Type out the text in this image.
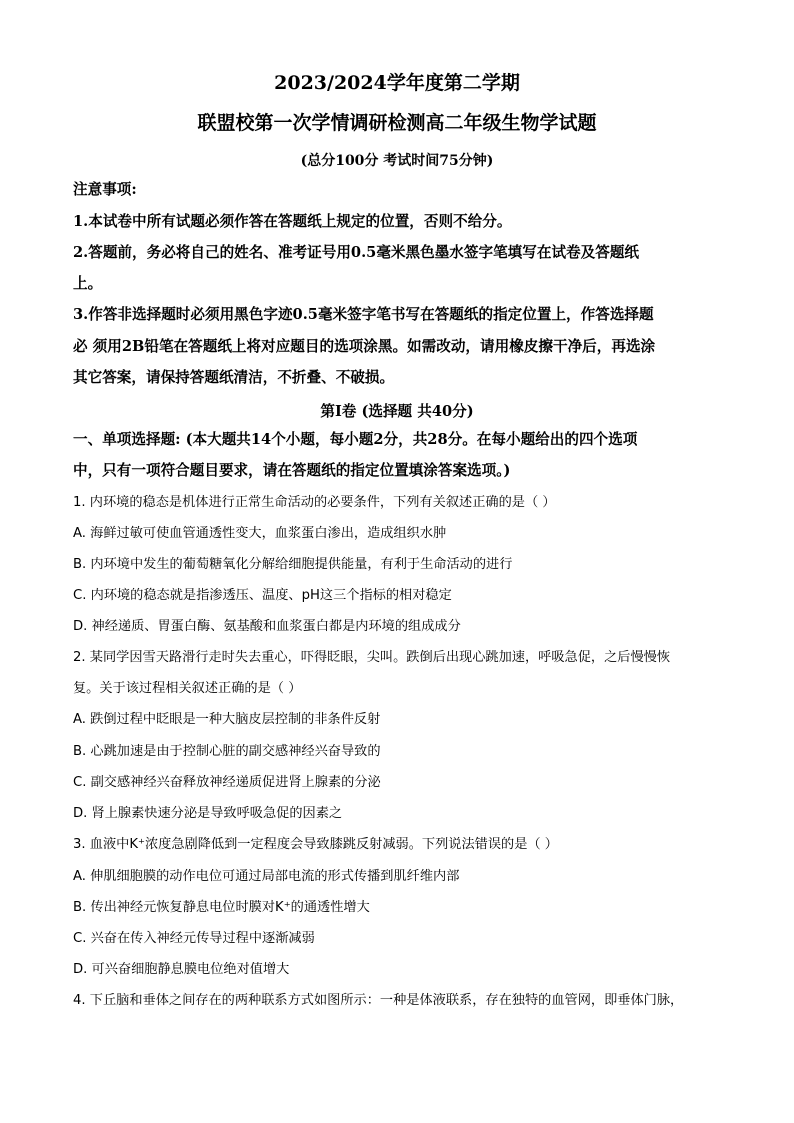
2023/2024学年度第二学期
联盟校第一次学情调研检测高二年级生物学试题
(总分100分 考试时间75分钟)
注意事项:
1.本试卷中所有试题必须作答在答题纸上规定的位置，否则不给分。
2.答题前，务必将自己的姓名、准考证号用0.5毫米黑色墨水签字笔填写在试卷及答题纸
上。
3.作答非选择题时必须用黑色字迹0.5毫米签字笔书写在答题纸的指定位置上，作答选择题
必 须用2B铅笔在答题纸上将对应题目的选项涂黑。如需改动，请用橡皮擦干净后，再选涂
其它答案，请保持答题纸清洁，不折叠、不破损。
第Ⅰ卷 (选择题 共40分)
一、单项选择题: (本大题共14个小题，每小题2分，共28分。在每小题给出的四个选项
中，只有一项符合题目要求，请在答题纸的指定位置填涂答案选项。)
1. 内环境的稳态是机体进行正常生命活动的必要条件，下列有关叙述正确的是（ ）
A. 海鲜过敏可使血管通透性变大，血浆蛋白渗出，造成组织水肿
B. 内环境中发生的葡萄糖氧化分解给细胞提供能量，有利于生命活动的进行
C. 内环境的稳态就是指渗透压、温度、pH这三个指标的相对稳定
D. 神经递质、胃蛋白酶、氨基酸和血浆蛋白都是内环境的组成成分
2. 某同学因雪天路滑行走时失去重心，吓得眨眼，尖叫。跌倒后出现心跳加速，呼吸急促，之后慢慢恢
复。关于该过程相关叙述正确的是（ ）
A. 跌倒过程中眨眼是一种大脑皮层控制的非条件反射
B. 心跳加速是由于控制心脏的副交感神经兴奋导致的
C. 副交感神经兴奋释放神经递质促进肾上腺素的分泌
D. 肾上腺素快速分泌是导致呼吸急促的因素之
3. 血液中K⁺浓度急剧降低到一定程度会导致膝跳反射减弱。下列说法错误的是（ ）
A. 伸肌细胞膜的动作电位可通过局部电流的形式传播到肌纤维内部
B. 传出神经元恢复静息电位时膜对K⁺的通透性增大
C. 兴奋在传入神经元传导过程中逐渐减弱
D. 可兴奋细胞静息膜电位绝对值增大
4. 下丘脑和垂体之间存在的两种联系方式如图所示：一种是体液联系，存在独特的血管网，即垂体门脉，
